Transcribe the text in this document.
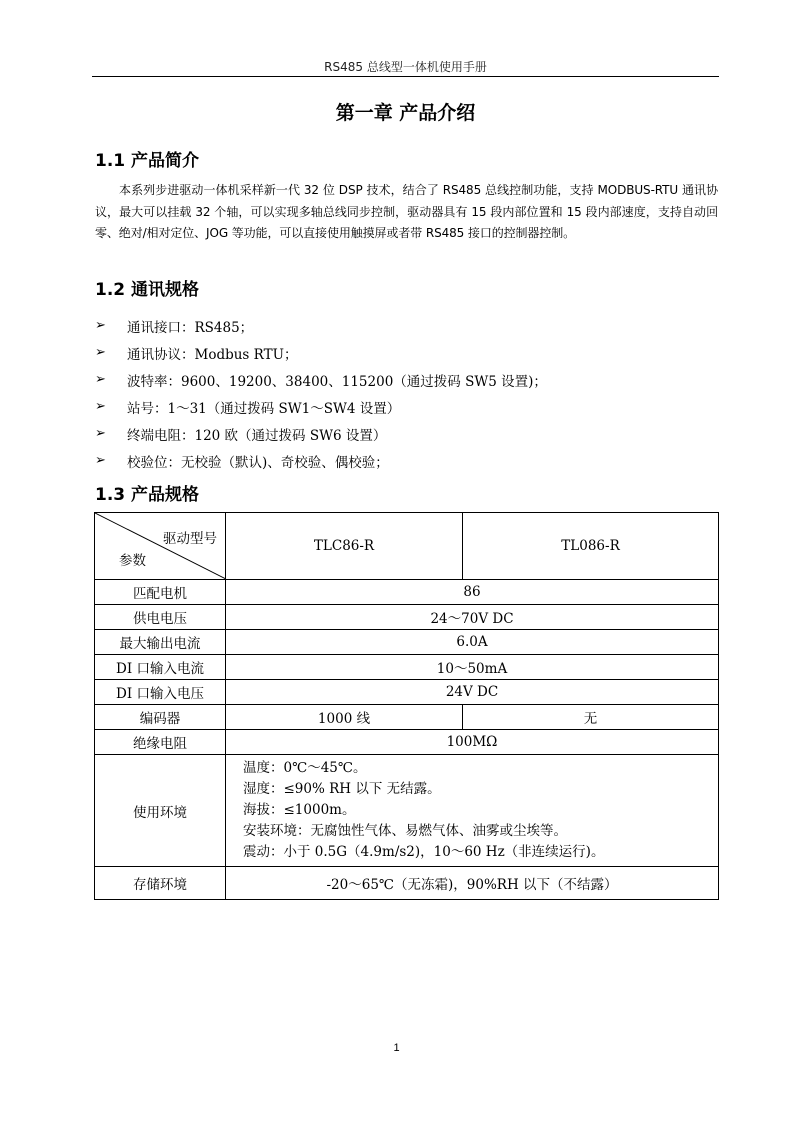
RS485 总线型一体机使用手册
第一章 产品介绍
1.1 产品简介

本系列步进驱动一体机采样新一代 32 位 DSP 技术，结合了 RS485 总线控制功能，支持 MODBUS-RTU 通讯协议，最大可以挂载 32 个轴，可以实现多轴总线同步控制，驱动器具有 15 段内部位置和 15 段内部速度，支持自动回零、绝对/相对定位、JOG 等功能，可以直接使用触摸屏或者带 RS485 接口的控制器控制。

1.2 通讯规格
➢	通讯接口：RS485；
➢	通讯协议：Modbus RTU；
➢	波特率：9600、19200、38400、115200（通过拨码 SW5 设置)；
➢	站号：1～31（通过拨码 SW1～SW4 设置）
➢	终端电阻：120 欧（通过拨码 SW6 设置）
➢	校验位：无校验（默认)、奇校验、偶校验；
1.3 产品规格
驱动型号
参数	TLC86-R	TL086-R
匹配电机	86	
供电电压	24～70V DC	
最大输出电流	6.0A	
DI 口输入电流	10～50mA	
DI 口输入电压	24V DC	
编码器	1000 线	无
绝缘电阻	100MΩ	
使用环境	温度：0℃～45℃。
湿度：≤90% RH 以下 无结露。
海拔：≤1000m。
安装环境：无腐蚀性气体、易燃气体、油雾或尘埃等。
震动：小于 0.5G（4.9m/s2)，10～60 Hz（非连续运行)。	

存储环境	-20～65℃（无冻霜)，90%RH 以下（不结露）	
1
